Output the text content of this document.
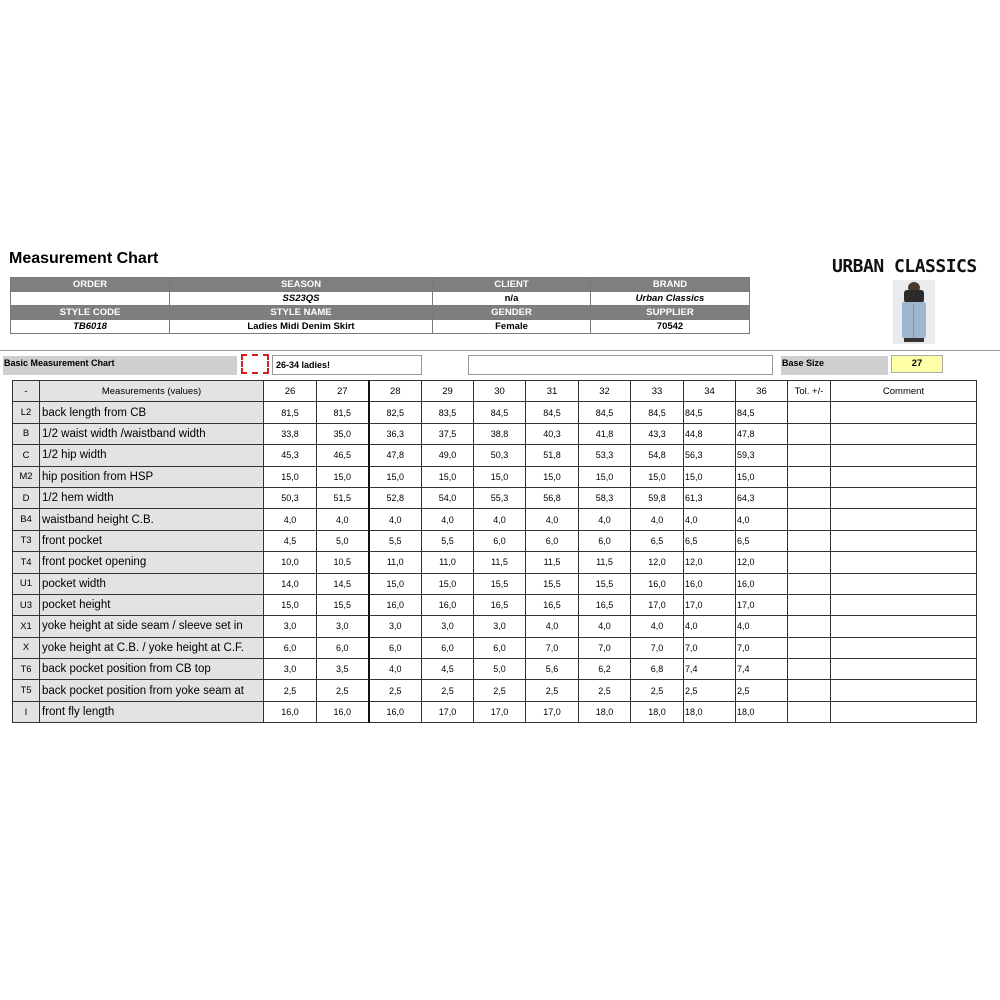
Measurement Chart	URBAN CLASSICS
ORDER	SEASON	CLIENT	BRAND
	SS23QS	n/a	Urban Classics
STYLE CODE	STYLE NAME	GENDER	SUPPLIER
TB6018	Ladies Midi Denim Skirt	Female	70542
Basic Measurement Chart	26-34 ladies!	Base Size	27
-	Measurements (values)	26	27	28	29	30	31	32	33	34	36	Tol. +/-	Comment
L2	back length from CB	81,5	81,5	82,5	83,5	84,5	84,5	84,5	84,5	84,5	84,5		
B	1/2 waist width /waistband width	33,8	35,0	36,3	37,5	38,8	40,3	41,8	43,3	44,8	47,8		
C	1/2 hip width	45,3	46,5	47,8	49,0	50,3	51,8	53,3	54,8	56,3	59,3		
M2	hip position from HSP	15,0	15,0	15,0	15,0	15,0	15,0	15,0	15,0	15,0	15,0		
D	1/2 hem width	50,3	51,5	52,8	54,0	55,3	56,8	58,3	59,8	61,3	64,3		
B4	waistband height C.B.	4,0	4,0	4,0	4,0	4,0	4,0	4,0	4,0	4,0	4,0		
T3	front pocket	4,5	5,0	5,5	5,5	6,0	6,0	6,0	6,5	6,5	6,5		
T4	front pocket opening	10,0	10,5	11,0	11,0	11,5	11,5	11,5	12,0	12,0	12,0		
U1	pocket width	14,0	14,5	15,0	15,0	15,5	15,5	15,5	16,0	16,0	16,0		
U3	pocket height	15,0	15,5	16,0	16,0	16,5	16,5	16,5	17,0	17,0	17,0		
X1	yoke height at side seam / sleeve set in	3,0	3,0	3,0	3,0	3,0	4,0	4,0	4,0	4,0	4,0		
X	yoke height at C.B. / yoke height at C.F.	6,0	6,0	6,0	6,0	6,0	7,0	7,0	7,0	7,0	7,0		
T6	back pocket position from CB top	3,0	3,5	4,0	4,5	5,0	5,6	6,2	6,8	7,4	7,4		
T5	back pocket position from yoke seam at	2,5	2,5	2,5	2,5	2,5	2,5	2,5	2,5	2,5	2,5		
I	front fly length	16,0	16,0	16,0	17,0	17,0	17,0	18,0	18,0	18,0	18,0		
